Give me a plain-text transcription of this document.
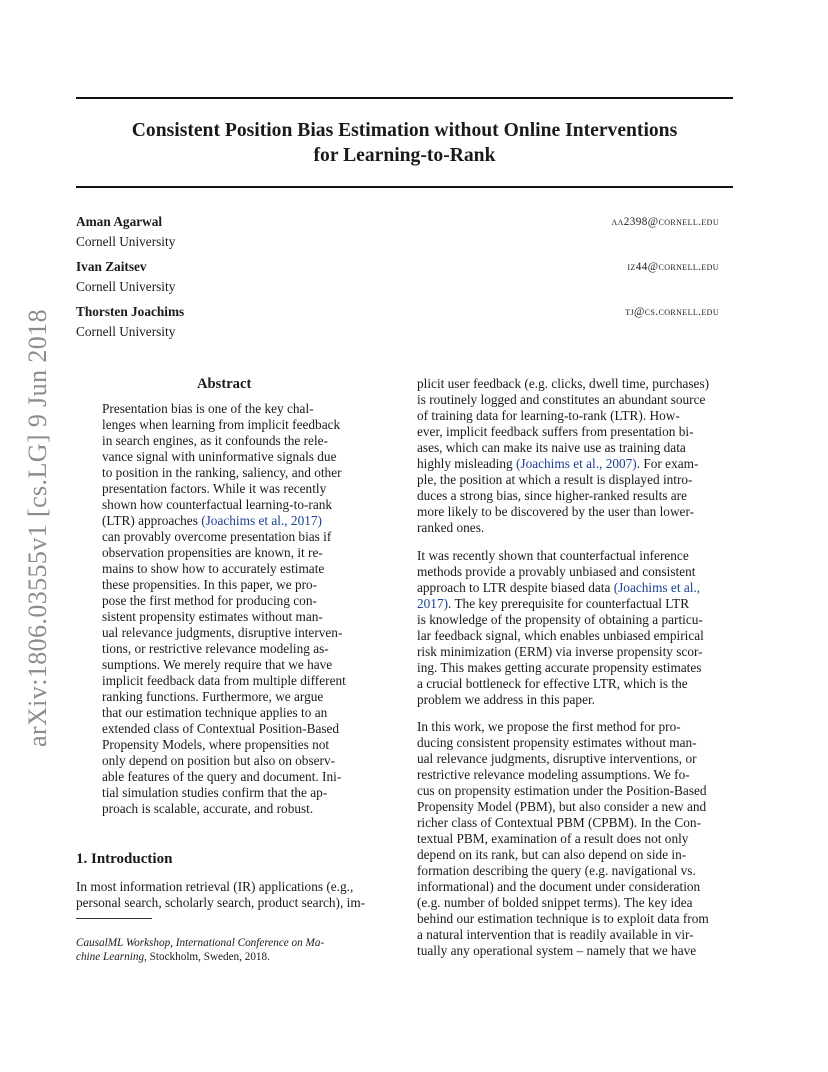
Consistent Position Bias Estimation without Online Interventions
for Learning-to-Rank
Aman Agarwal
Cornell University
aa2398@cornell.edu
Ivan Zaitsev
Cornell University
iz44@cornell.edu
Thorsten Joachims
Cornell University
tj@cs.cornell.edu
arXiv:1806.03555v1 [cs.LG] 9 Jun 2018	Abstract
Presentation bias is one of the key chal-
lenges when learning from implicit feedback
in search engines, as it confounds the rele-
vance signal with uninformative signals due
to position in the ranking, saliency, and other
presentation factors. While it was recently
shown how counterfactual learning-to-rank
(LTR) approaches (Joachims et al., 2017)
can provably overcome presentation bias if
observation propensities are known, it re-
mains to show how to accurately estimate
these propensities. In this paper, we pro-
pose the first method for producing con-
sistent propensity estimates without man-
ual relevance judgments, disruptive interven-
tions, or restrictive relevance modeling as-
sumptions. We merely require that we have
implicit feedback data from multiple different
ranking functions. Furthermore, we argue
that our estimation technique applies to an
extended class of Contextual Position-Based
Propensity Models, where propensities not
only depend on position but also on observ-
able features of the query and document. Ini-
tial simulation studies confirm that the ap-
proach is scalable, accurate, and robust.
1. Introduction
In most information retrieval (IR) applications (e.g.,
personal search, scholarly search, product search), im-
CausalML Workshop, International Conference on Ma-
chine Learning, Stockholm, Sweden, 2018.
plicit user feedback (e.g. clicks, dwell time, purchases)
is routinely logged and constitutes an abundant source
of training data for learning-to-rank (LTR). How-
ever, implicit feedback suffers from presentation bi-
ases, which can make its naive use as training data
highly misleading (Joachims et al., 2007). For exam-
ple, the position at which a result is displayed intro-
duces a strong bias, since higher-ranked results are
more likely to be discovered by the user than lower-
ranked ones.
It was recently shown that counterfactual inference
methods provide a provably unbiased and consistent
approach to LTR despite biased data (Joachims et al.,
2017). The key prerequisite for counterfactual LTR
is knowledge of the propensity of obtaining a particu-
lar feedback signal, which enables unbiased empirical
risk minimization (ERM) via inverse propensity scor-
ing. This makes getting accurate propensity estimates
a crucial bottleneck for effective LTR, which is the
problem we address in this paper.
In this work, we propose the first method for pro-
ducing consistent propensity estimates without man-
ual relevance judgments, disruptive interventions, or
restrictive relevance modeling assumptions. We fo-
cus on propensity estimation under the Position-Based
Propensity Model (PBM), but also consider a new and
richer class of Contextual PBM (CPBM). In the Con-
textual PBM, examination of a result does not only
depend on its rank, but can also depend on side in-
formation describing the query (e.g. navigational vs.
informational) and the document under consideration
(e.g. number of bolded snippet terms). The key idea
behind our estimation technique is to exploit data from
a natural intervention that is readily available in vir-
tually any operational system – namely that we have
